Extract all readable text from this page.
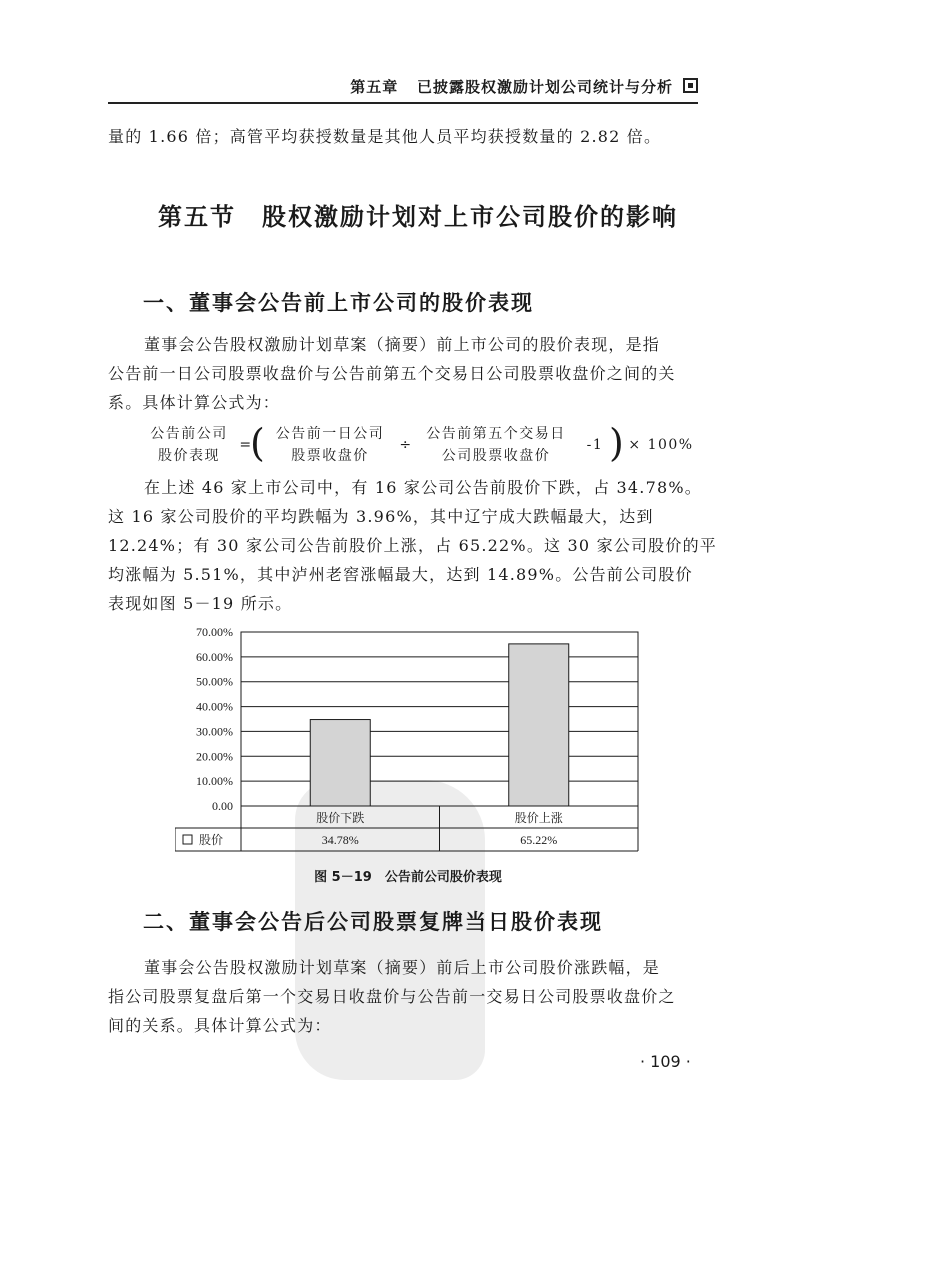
第五章 已披露股权激励计划公司统计与分析
量的 1.66 倍；高管平均获授数量是其他人员平均获授数量的 2.82 倍。
第五节　股权激励计划对上市公司股价的影响
一、董事会公告前上市公司的股价表现
董事会公告股权激励计划草案（摘要）前上市公司的股价表现，是指
公告前一日公司股票收盘价与公告前第五个交易日公司股票收盘价之间的关
系。具体计算公式为：
公告前公司
股价表现
=
( 公告前一日公司
股票收盘价
÷
公告前第五个交易日
公司股票收盘价
-1 ) × 100%
在上述 46 家上市公司中，有 16 家公司公告前股价下跌，占 34.78%。
这 16 家公司股价的平均跌幅为 3.96%，其中辽宁成大跌幅最大，达到
12.24%；有 30 家公司公告前股价上涨，占 65.22%。这 30 家公司股价的平
均涨幅为 5.51%，其中泸州老窖涨幅最大，达到 14.89%。公告前公司股价
表现如图 5－19 所示。
0.00
10.00%
20.00%
30.00%
40.00%
50.00%
60.00%
70.00%
股价下跌	股价上涨
34.78%	65.22%
股价
图 5－19　公告前公司股价表现
二、董事会公告后公司股票复牌当日股价表现
董事会公告股权激励计划草案（摘要）前后上市公司股价涨跌幅，是
指公司股票复盘后第一个交易日收盘价与公告前一交易日公司股票收盘价之
间的关系。具体计算公式为：
· 109 ·
